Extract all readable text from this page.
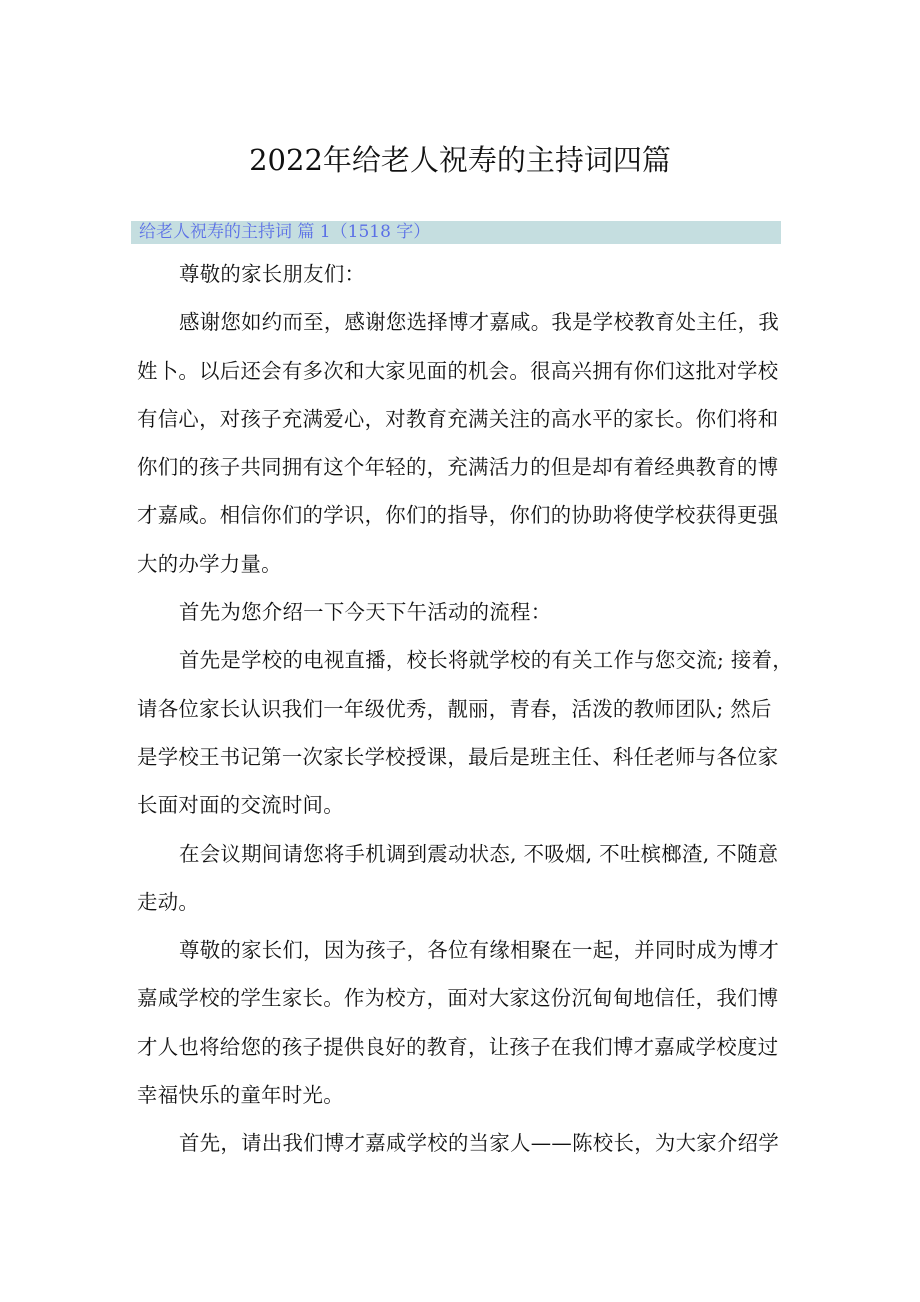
2022年给老人祝寿的主持词四篇
给老人祝寿的主持词 篇 1（1518 字）
尊敬的家长朋友们：
感谢您如约而至，感谢您选择博才嘉咸。我是学校教育处主任，我
姓卜。以后还会有多次和大家见面的机会。很高兴拥有你们这批对学校
有信心，对孩子充满爱心，对教育充满关注的高水平的家长。你们将和
你们的孩子共同拥有这个年轻的，充满活力的但是却有着经典教育的博
才嘉咸。相信你们的学识，你们的指导，你们的协助将使学校获得更强
大的办学力量。
首先为您介绍一下今天下午活动的流程：
首先是学校的电视直播，校长将就学校的有关工作与您交流; 接着，
请各位家长认识我们一年级优秀，靓丽，青春，活泼的教师团队; 然后
是学校王书记第一次家长学校授课，最后是班主任、科任老师与各位家
长面对面的交流时间。
在会议期间请您将手机调到震动状态, 不吸烟, 不吐槟榔渣, 不随意
走动。
尊敬的家长们，因为孩子，各位有缘相聚在一起，并同时成为博才
嘉咸学校的学生家长。作为校方，面对大家这份沉甸甸地信任，我们博
才人也将给您的孩子提供良好的教育，让孩子在我们博才嘉咸学校度过
幸福快乐的童年时光。
首先，请出我们博才嘉咸学校的当家人——陈校长，为大家介绍学
